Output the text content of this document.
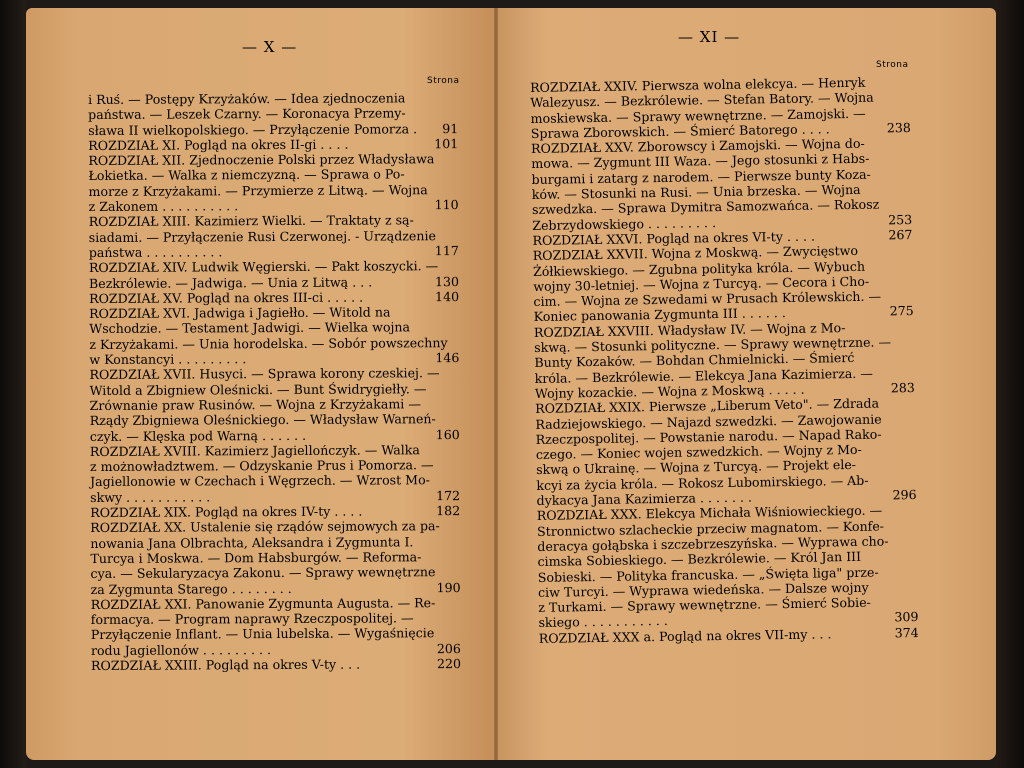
— X —
Strona
— XI —
Strona
i Ruś. — Postępy Krzyżaków. — Idea zjednoczenia
państwa. — Leszek Czarny. — Koronacya Przemy-
sława II wielkopolskiego. — Przyłączenie Pomorza . 91
ROZDZIAŁ XI. Pogląd na okres II-gi . . . .	101
ROZDZIAŁ XII. Zjednoczenie Polski przez Władysława
Łokietka. — Walka z niemczyzną. — Sprawa o Po-
morze z Krzyżakami. — Przymierze z Litwą. — Wojna
z Zakonem . . . . . . . . . .	110
ROZDZIAŁ XIII. Kazimierz Wielki. — Traktaty z są-
siadami. — Przyłączenie Rusi Czerwonej. - Urządzenie
państwa . . . . . . . . . .	117
ROZDZIAŁ XIV. Ludwik Węgierski. — Pakt koszycki. —
Bezkrólewie. — Jadwiga. — Unia z Litwą . . .	130
ROZDZIAŁ XV. Pogląd na okres III-ci . . . . .	140
ROZDZIAŁ XVI. Jadwiga i Jagiełło. — Witold na
Wschodzie. — Testament Jadwigi. — Wielka wojna
z Krzyżakami. — Unia horodelska. — Sobór powszechny
w Konstancyi . . . . . . . . .	146
ROZDZIAŁ XVII. Husyci. — Sprawa korony czeskiej. —
Witold a Zbigniew Oleśnicki. — Bunt Świdrygiełły. —
Zrównanie praw Rusinów. — Wojna z Krzyżakami —
Rządy Zbigniewa Oleśnickiego. — Władysław Warneń-
czyk. — Klęska pod Warną . . . . . .	160
ROZDZIAŁ XVIII. Kazimierz Jagiellończyk. — Walka
z możnowładztwem. — Odzyskanie Prus i Pomorza. —
Jagiellonowie w Czechach i Węgrzech. — Wzrost Mo-
skwy . . . . . . . . . . .	172
ROZDZIAŁ XIX. Pogląd na okres IV-ty . . . .	182
ROZDZIAŁ XX. Ustalenie się rządów sejmowych za pa-
nowania Jana Olbrachta, Aleksandra i Zygmunta I.
Turcya i Moskwa. — Dom Habsburgów. — Reforma-
cya. — Sekularyzacya Zakonu. — Sprawy wewnętrzne
za Zygmunta Starego . . . . . . . .	190
ROZDZIAŁ XXI. Panowanie Zygmunta Augusta. — Re-
formacya. — Program naprawy Rzeczpospolitej. —
Przyłączenie Inflant. — Unia lubelska. — Wygaśnięcie
rodu Jagiellonów . . . . . . . . .	206
ROZDZIAŁ XXIII. Pogląd na okres V-ty . . .	220
ROZDZIAŁ XXIV. Pierwsza wolna elekcya. — Henryk
Walezyusz. — Bezkrólewie. — Stefan Batory. — Wojna
moskiewska. — Sprawy wewnętrzne. — Zamojski. —
Sprawa Zborowskich. — Śmierć Batorego . . . .	238
ROZDZIAŁ XXV. Zborowscy i Zamojski. — Wojna do-
mowa. — Zygmunt III Waza. — Jego stosunki z Habs-
burgami i zatarg z narodem. — Pierwsze bunty Koza-
ków. — Stosunki na Rusi. — Unia brzeska. — Wojna
szwedzka. — Sprawa Dymitra Samozwańca. — Rokosz
Zebrzydowskiego . . . . . . . . .	253
ROZDZIAŁ XXVI. Pogląd na okres VI-ty . . . .	267
ROZDZIAŁ XXVII. Wojna z Moskwą. — Zwycięstwo
Żółkiewskiego. — Zgubna polityka króla. — Wybuch
wojny 30-letniej. — Wojna z Turcyą. — Cecora i Cho-
cim. — Wojna ze Szwedami w Prusach Królewskich. —
Koniec panowania Zygmunta III . . . . . .	275
ROZDZIAŁ XXVIII. Władysław IV. — Wojna z Mo-
skwą. — Stosunki polityczne. — Sprawy wewnętrzne. —
Bunty Kozaków. — Bohdan Chmielnicki. — Śmierć
króla. — Bezkrólewie. — Elekcya Jana Kazimierza. —
Wojny kozackie. — Wojna z Moskwą . . . . .	283
ROZDZIAŁ XXIX. Pierwsze „Liberum Veto". — Zdrada
Radziejowskiego. — Najazd szwedzki. — Zawojowanie
Rzeczpospolitej. — Powstanie narodu. — Napad Rako-
czego. — Koniec wojen szwedzkich. — Wojny z Mo-
skwą o Ukrainę. — Wojna z Turcyą. — Projekt ele-
kcyi za życia króla. — Rokosz Lubomirskiego. — Ab-
dykacya Jana Kazimierza . . . . . . .	296
ROZDZIAŁ XXX. Elekcya Michała Wiśniowieckiego. —
Stronnictwo szlacheckie przeciw magnatom. — Konfe-
deracya gołąbska i szczebrzeszyńska. — Wyprawa cho-
cimska Sobieskiego. — Bezkrólewie. — Król Jan III
Sobieski. — Polityka francuska. — „Święta liga" prze-
ciw Turcyi. — Wyprawa wiedeńska. — Dalsze wojny
z Turkami. — Sprawy wewnętrzne. — Śmierć Sobie-
skiego . . . . . . . . . . .	309
ROZDZIAŁ XXX a. Pogląd na okres VII-my . . .	374
